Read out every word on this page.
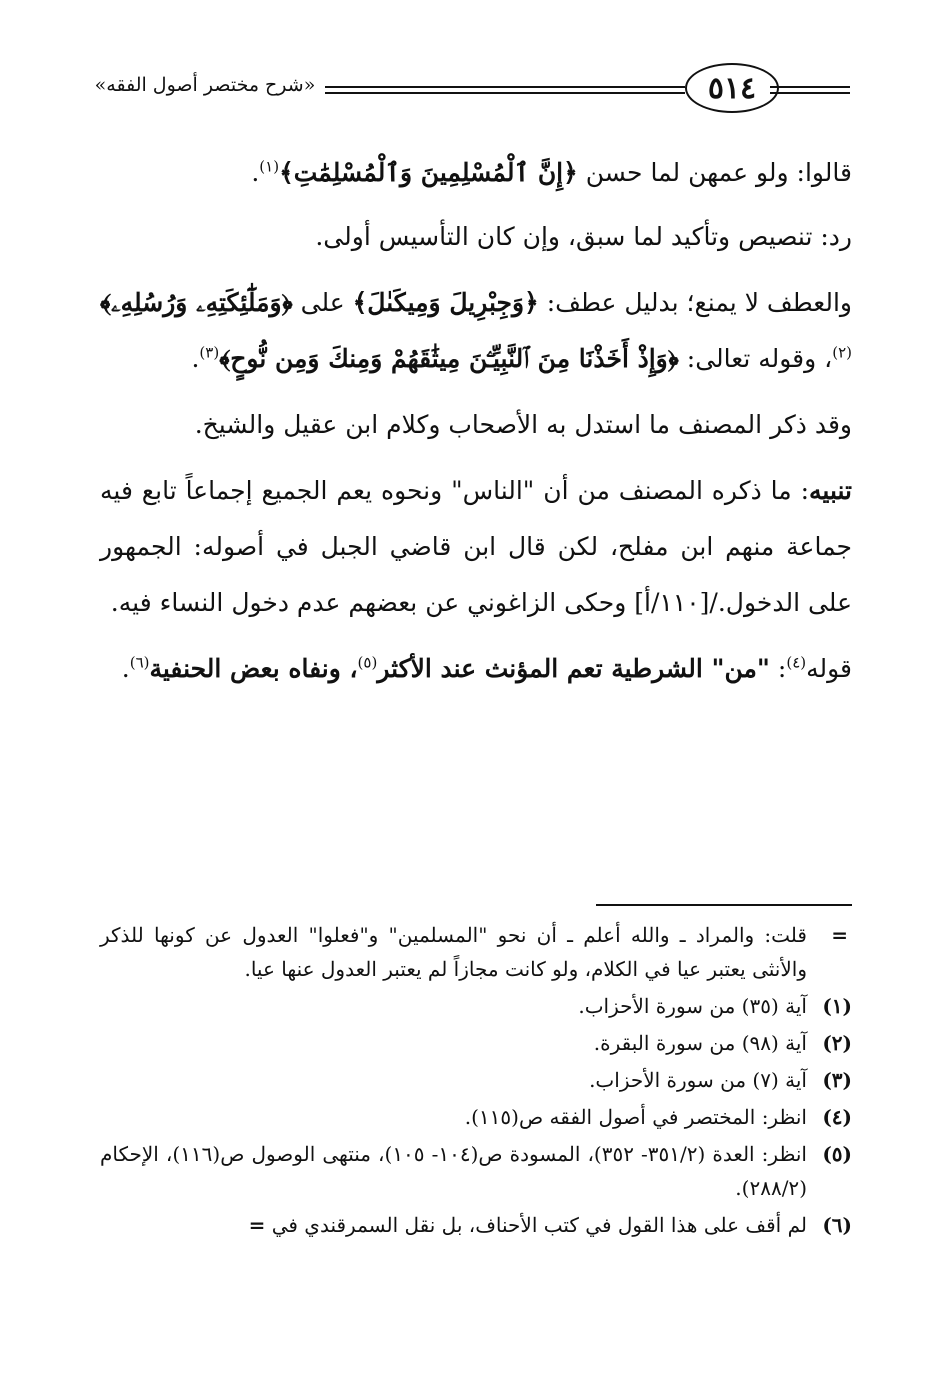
٥١٤
«شرح مختصر أصول الفقه»

قالوا: ولو عمهن لما حسن ﴿إِنَّ ٱلْمُسْلِمِينَ وَٱلْمُسْلِمَٰتِ﴾$^{(١)}$.

رد: تنصيص وتأكيد لما سبق، وإن كان التأسيس أولى.

والعطف لا يمنع؛ بدليل عطف: ﴿وَجِبْرِيلَ وَمِيكَىٰلَ﴾ على ﴿وَمَلَٰٓئِكَتِهِۦ وَرُسُلِهِۦ﴾$^{(٢)}$، وقوله تعالى: ﴿وَإِذْ أَخَذْنَا مِنَ ٱلنَّبِيِّـۧنَ مِيثَٰقَهُمْ وَمِنكَ وَمِن نُّوحٍ﴾$^{(٣)}$.

وقد ذكر المصنف ما استدل به الأصحاب وكلام ابن عقيل والشيخ.

تنبيه: ما ذكره المصنف من أن "الناس" ونحوه يعم الجميع إجماعاً تابع فيه جماعة منهم ابن مفلح، لكن قال ابن قاضي الجبل في أصوله: الجمهور على الدخول./[١١٠/أ] وحكى الزاغوني عن بعضهم عدم دخول النساء فيه.

قوله$^{(٤)}$: "من" الشرطية تعم المؤنث عند الأكثر$^{(٥)}$، ونفاه بعض الحنفية$^{(٦)}$.

=
قلت: والمراد ـ والله أعلم ـ أن نحو "المسلمين" و"فعلوا" العدول عن كونها للذكر والأنثى يعتبر عيا في الكلام، ولو كانت مجازاً لم يعتبر العدول عنها عيا.
(١)
آية (٣٥) من سورة الأحزاب.
(٢)
آية (٩٨) من سورة البقرة.
(٣)
آية (٧) من سورة الأحزاب.
(٤)
انظر: المختصر في أصول الفقه ص(١١٥).
(٥)
انظر: العدة (٣٥١/٢- ٣٥٢)، المسودة ص(١٠٤- ١٠٥)، منتهى الوصول ص(١١٦)، الإحكام (٢٨٨/٢).
(٦)
لم أقف على هذا القول في كتب الأحناف، بل نقل السمرقندي في =
